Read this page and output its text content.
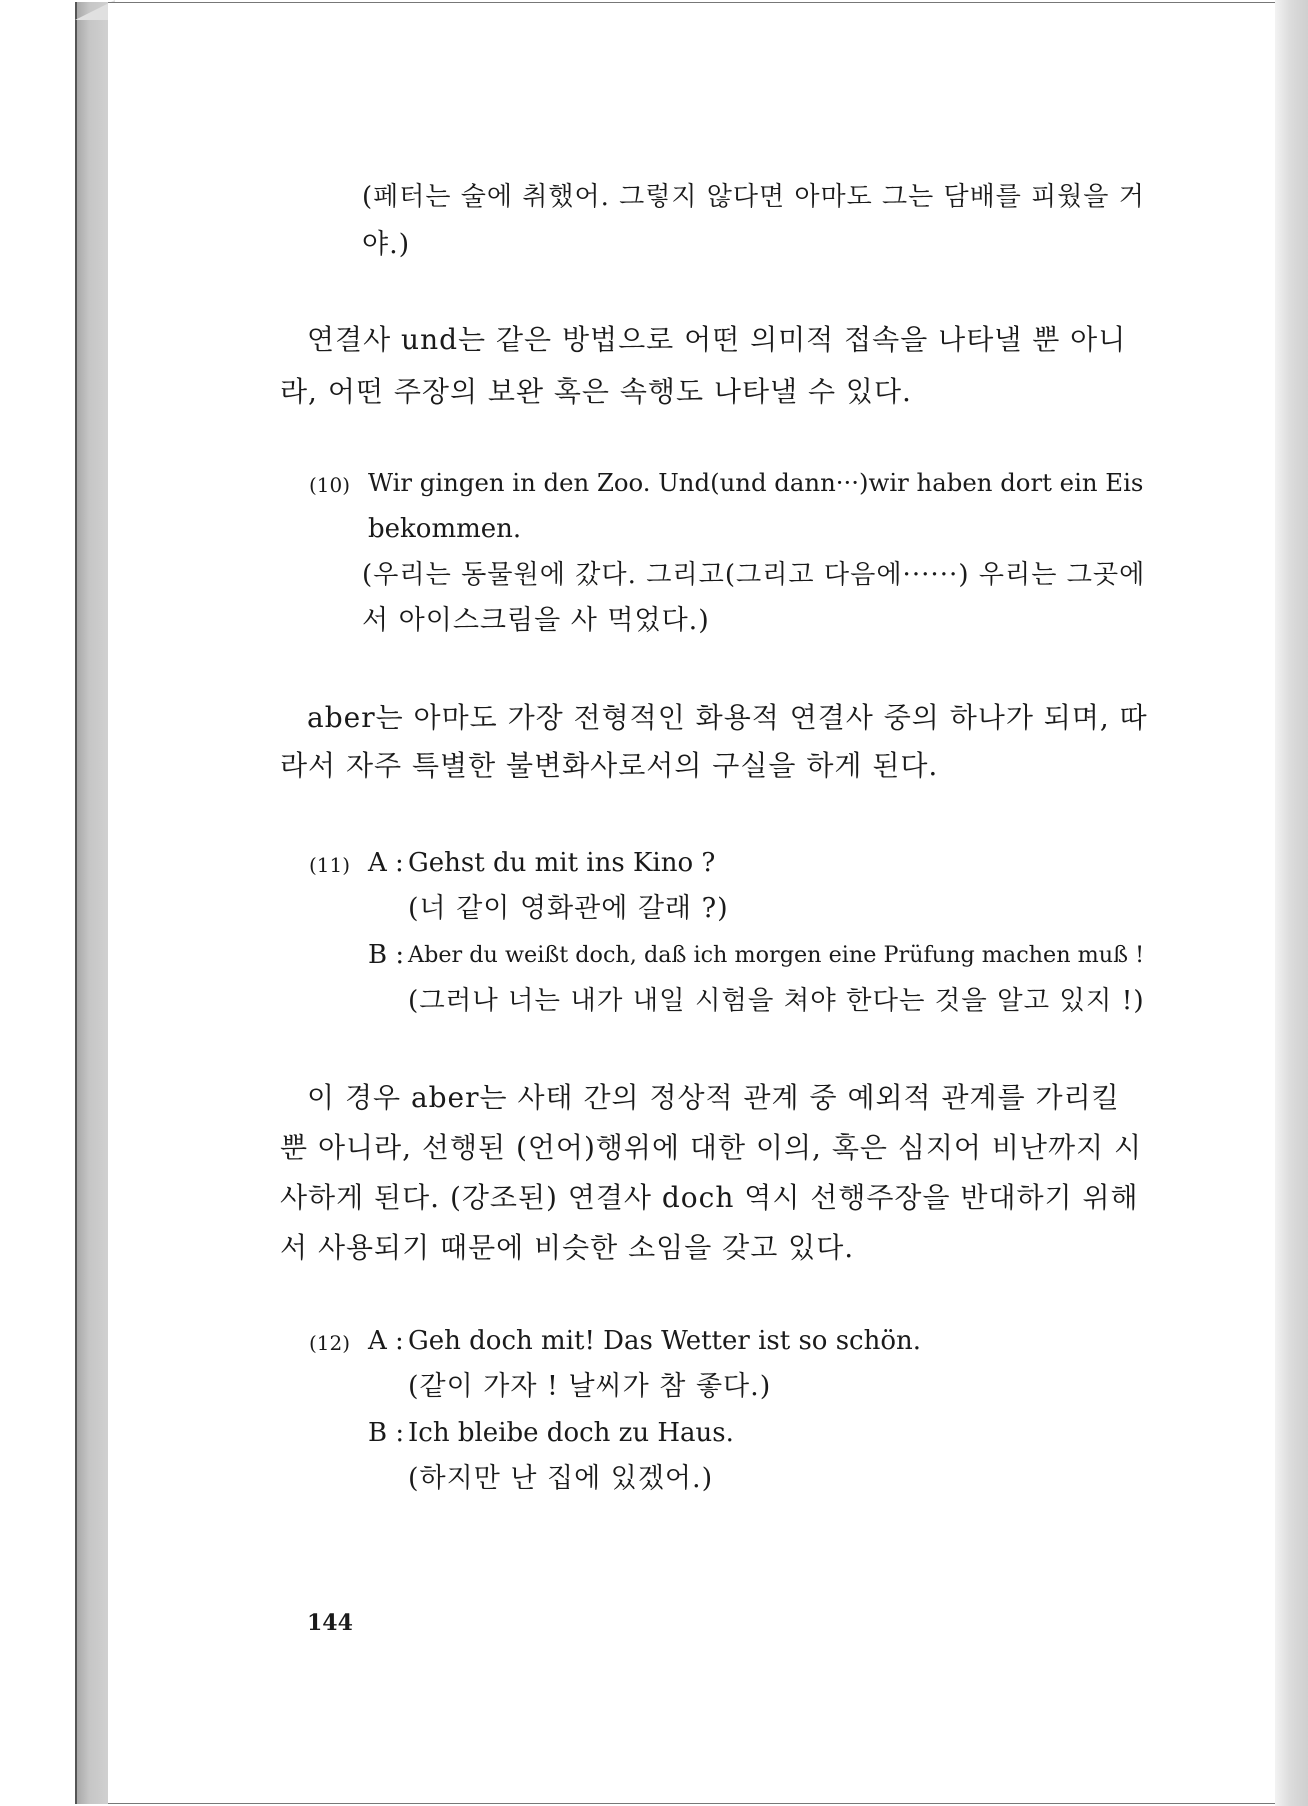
(페터는 술에 취했어. 그렇지 않다면 아마도 그는 담배를 피웠을 거

야.)

연결사 und는 같은 방법으로 어떤 의미적 접속을 나타낼 뿐 아니

라, 어떤 주장의 보완 혹은 속행도 나타낼 수 있다.

(10) Wir gingen in den Zoo. Und(und dann···)wir haben dort ein Eis

bekommen.

(우리는 동물원에 갔다. 그리고(그리고 다음에······) 우리는 그곳에

서 아이스크림을 사 먹었다.)

aber는 아마도 가장 전형적인 화용적 연결사 중의 하나가 되며, 따

라서 자주 특별한 불변화사로서의 구실을 하게 된다.

(11) A : Gehst du mit ins Kino ?

(너 같이 영화관에 갈래 ?)

B : Aber du weißt doch, daß ich morgen eine Prüfung machen muß !

(그러나 너는 내가 내일 시험을 쳐야 한다는 것을 알고 있지 !)

이 경우 aber는 사태 간의 정상적 관계 중 예외적 관계를 가리킬

뿐 아니라, 선행된 (언어)행위에 대한 이의, 혹은 심지어 비난까지 시

사하게 된다. (강조된) 연결사 doch 역시 선행주장을 반대하기 위해

서 사용되기 때문에 비슷한 소임을 갖고 있다.

(12) A : Geh doch mit! Das Wetter ist so schön.

(같이 가자 ! 날씨가 참 좋다.)

B : Ich bleibe doch zu Haus.

(하지만 난 집에 있겠어.)

144
